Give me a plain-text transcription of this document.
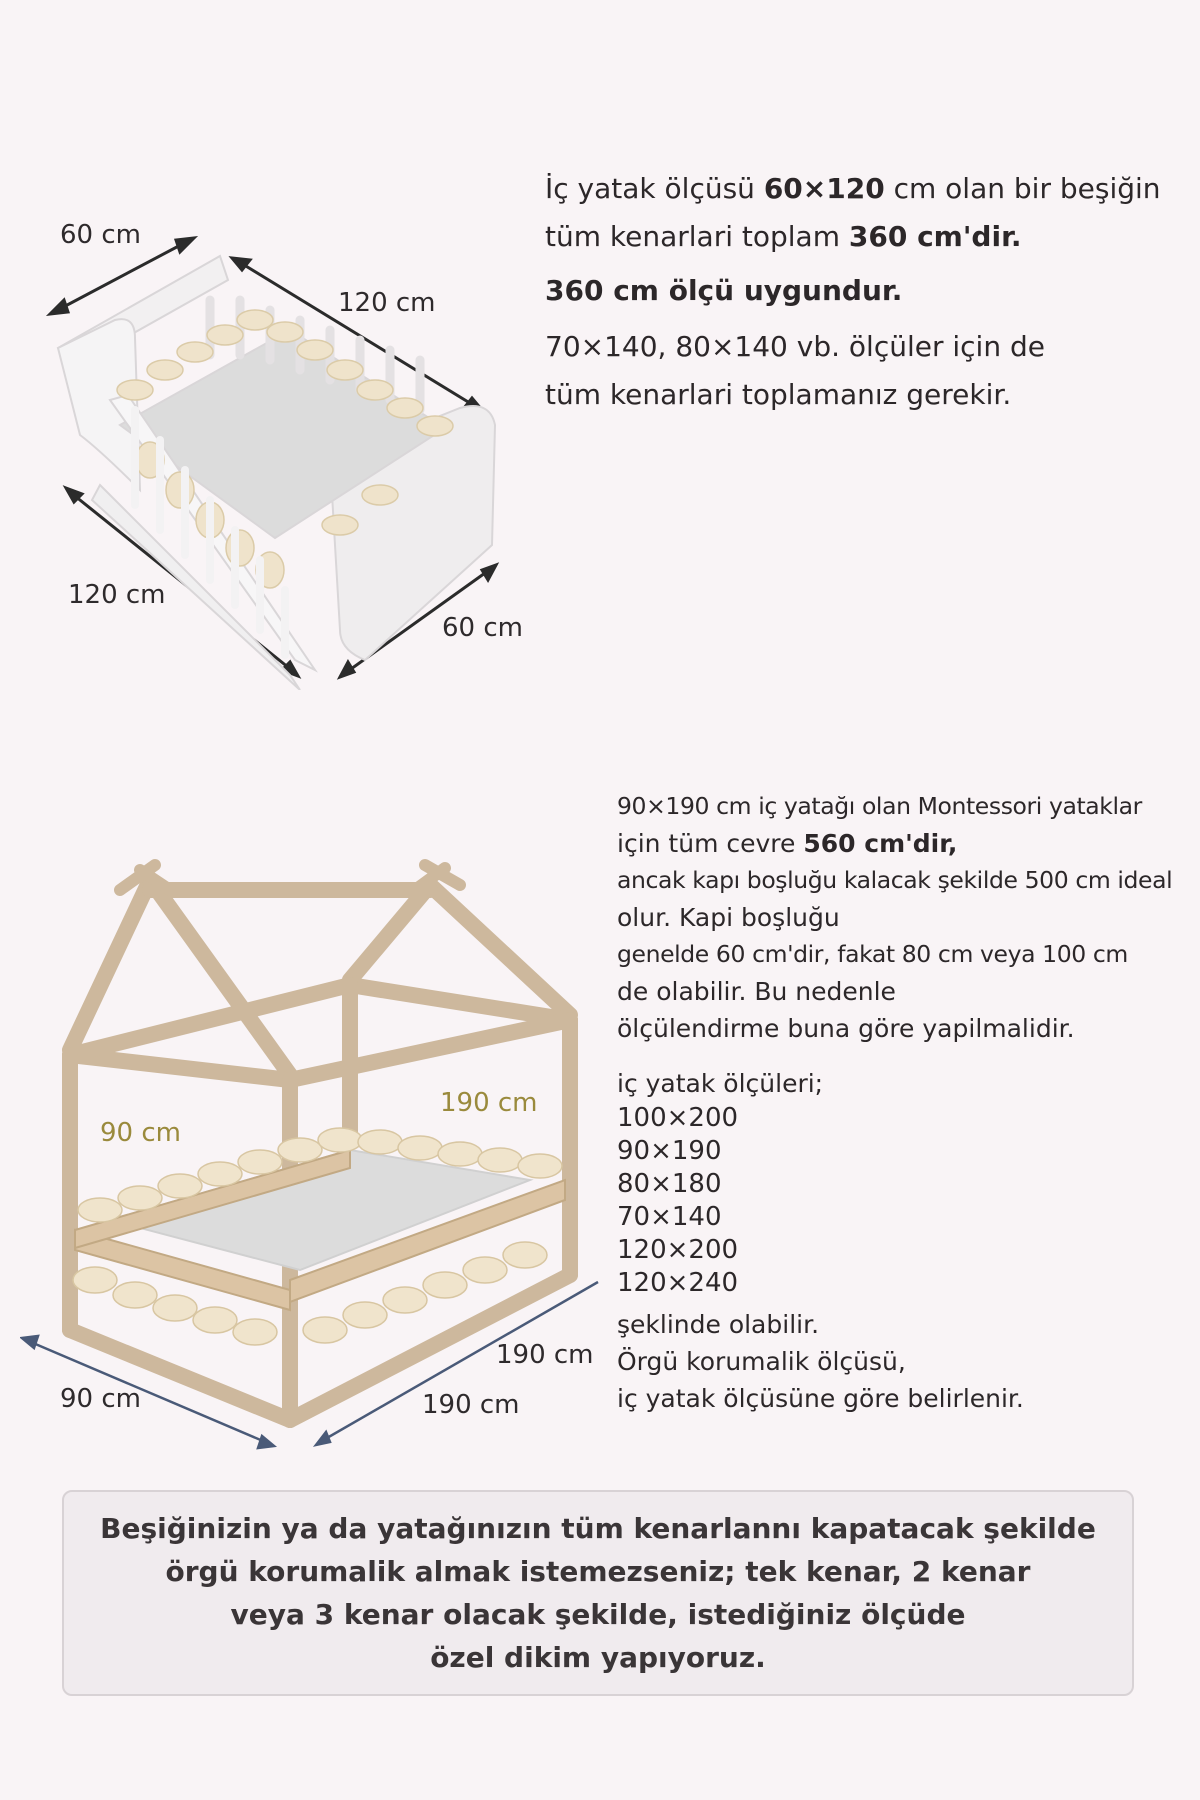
60 cm
120 cm
120 cm
60 cm
İç yatak ölçüsü 60×120 cm olan bir beşiğin
tüm kenarlari toplam 360 cm'dir.
360 cm ölçü uygundur.
70×140, 80×140 vb. ölçüler için de
tüm kenarlari toplamanız gerekir.
90 cm
190 cm
90 cm	190 cm
190 cm
90×190 cm iç yatağı olan Montessori yataklar
için tüm cevre 560 cm'dir,
ancak kapı boşluğu kalacak şekilde 500 cm ideal
olur. Kapi boşluğu
genelde 60 cm'dir, fakat 80 cm veya 100 cm
de olabilir. Bu nedenle
ölçülendirme buna göre yapilmalidir.
iç yatak ölçüleri;
100×200
90×190
80×180
70×140
120×200
120×240
şeklinde olabilir.
Örgü korumalik ölçüsü,
iç yatak ölçüsüne göre belirlenir.
Beşiğinizin ya da yatağınızın tüm kenarlannı kapatacak şekilde
örgü korumalik almak istemezseniz; tek kenar, 2 kenar
veya 3 kenar olacak şekilde, istediğiniz ölçüde
özel dikim yapıyoruz.
